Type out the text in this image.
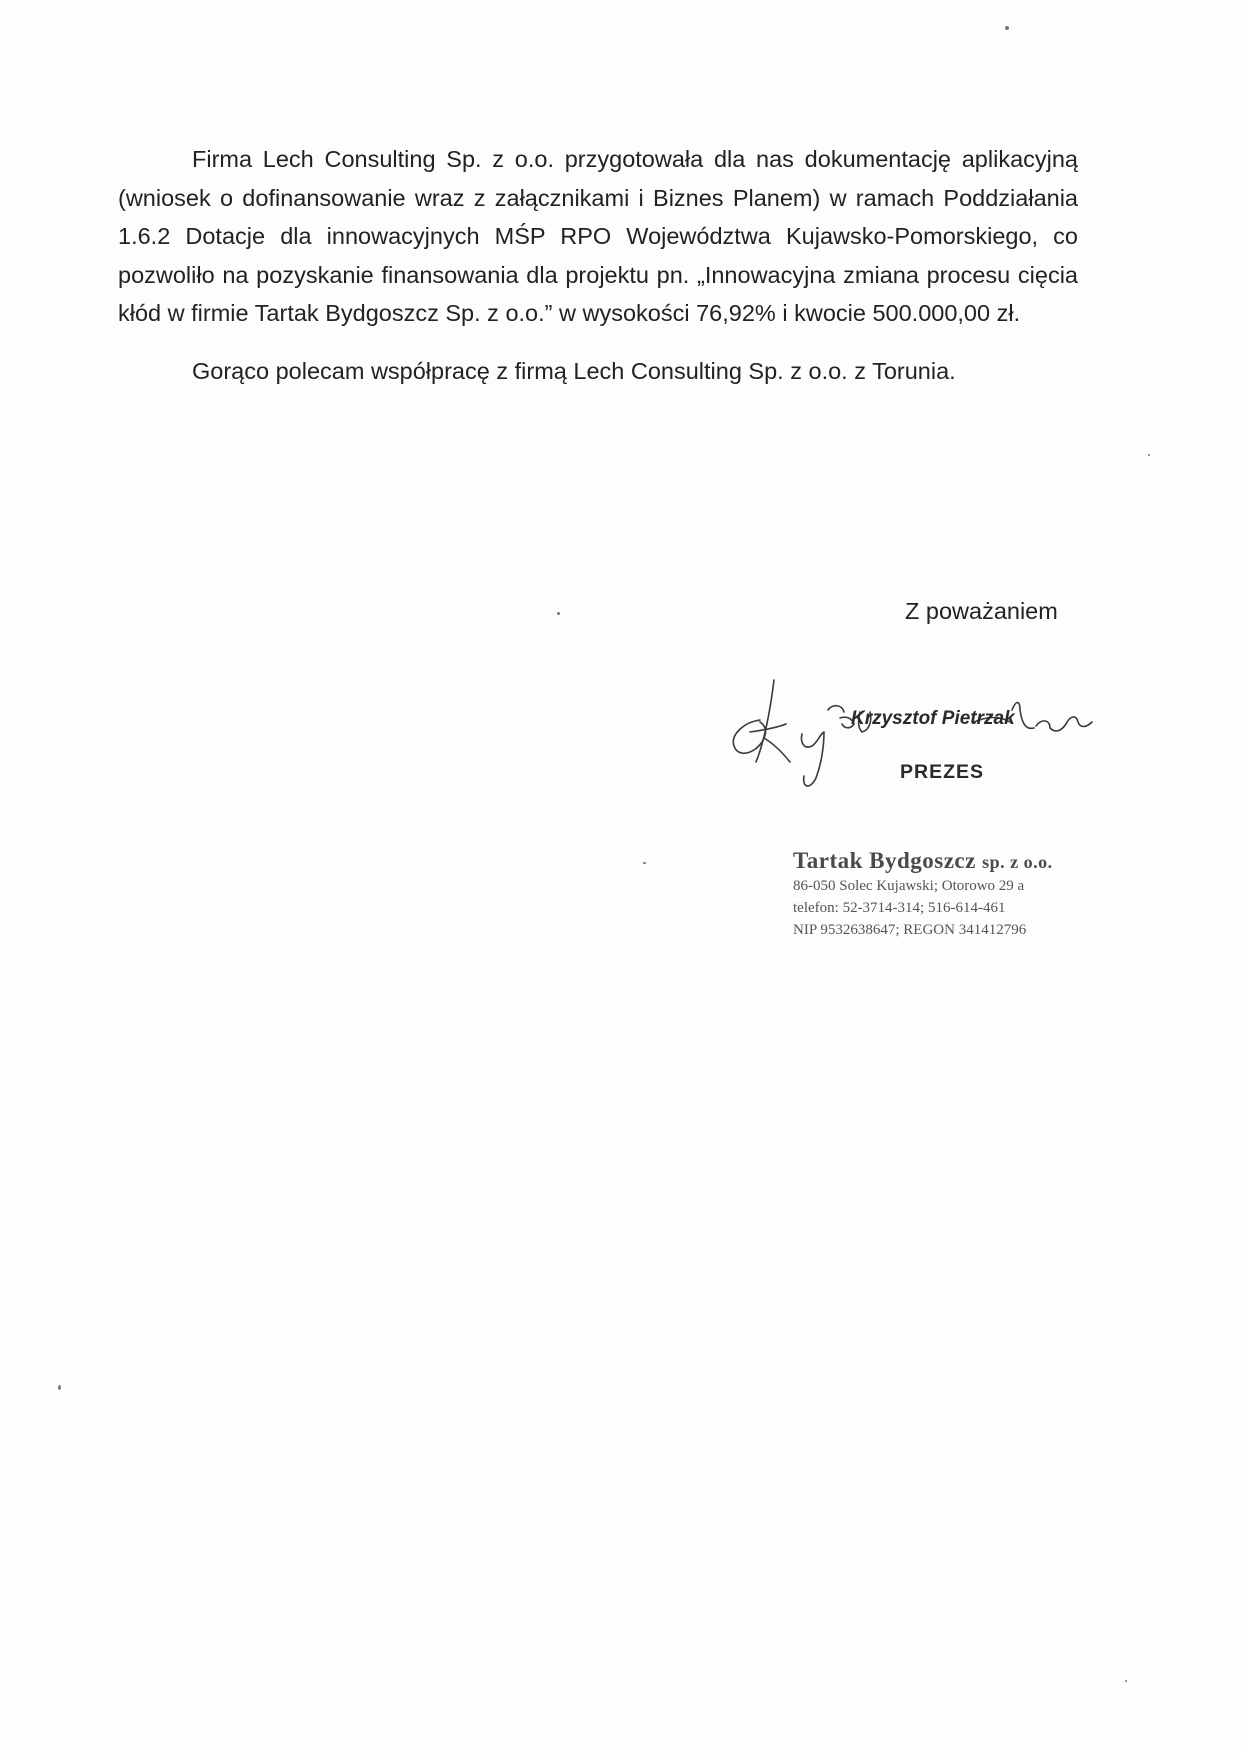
Firma Lech Consulting Sp. z o.o. przygotowała dla nas dokumentację aplikacyjną (wniosek o dofinansowanie wraz z załącznikami i Biznes Planem) w ramach Poddziałania 1.6.2 Dotacje dla innowacyjnych MŚP RPO Województwa Kujawsko-Pomorskiego, co pozwoliło na pozyskanie finansowania dla projektu pn. „Innowacyjna zmiana procesu cięcia kłód w firmie Tartak Bydgoszcz Sp. z o.o.” w wysokości 76,92% i kwocie 500.000,00 zł.

Gorąco polecam współpracę z firmą Lech Consulting Sp. z o.o. z Torunia.

Z poważaniem
Krzysztof Pietrzak
PREZES
Tartak Bydgoszcz sp. z o.o.
86-050 Solec Kujawski; Otorowo 29 a
telefon: 52-3714-314; 516-614-461
NIP 9532638647; REGON 341412796
